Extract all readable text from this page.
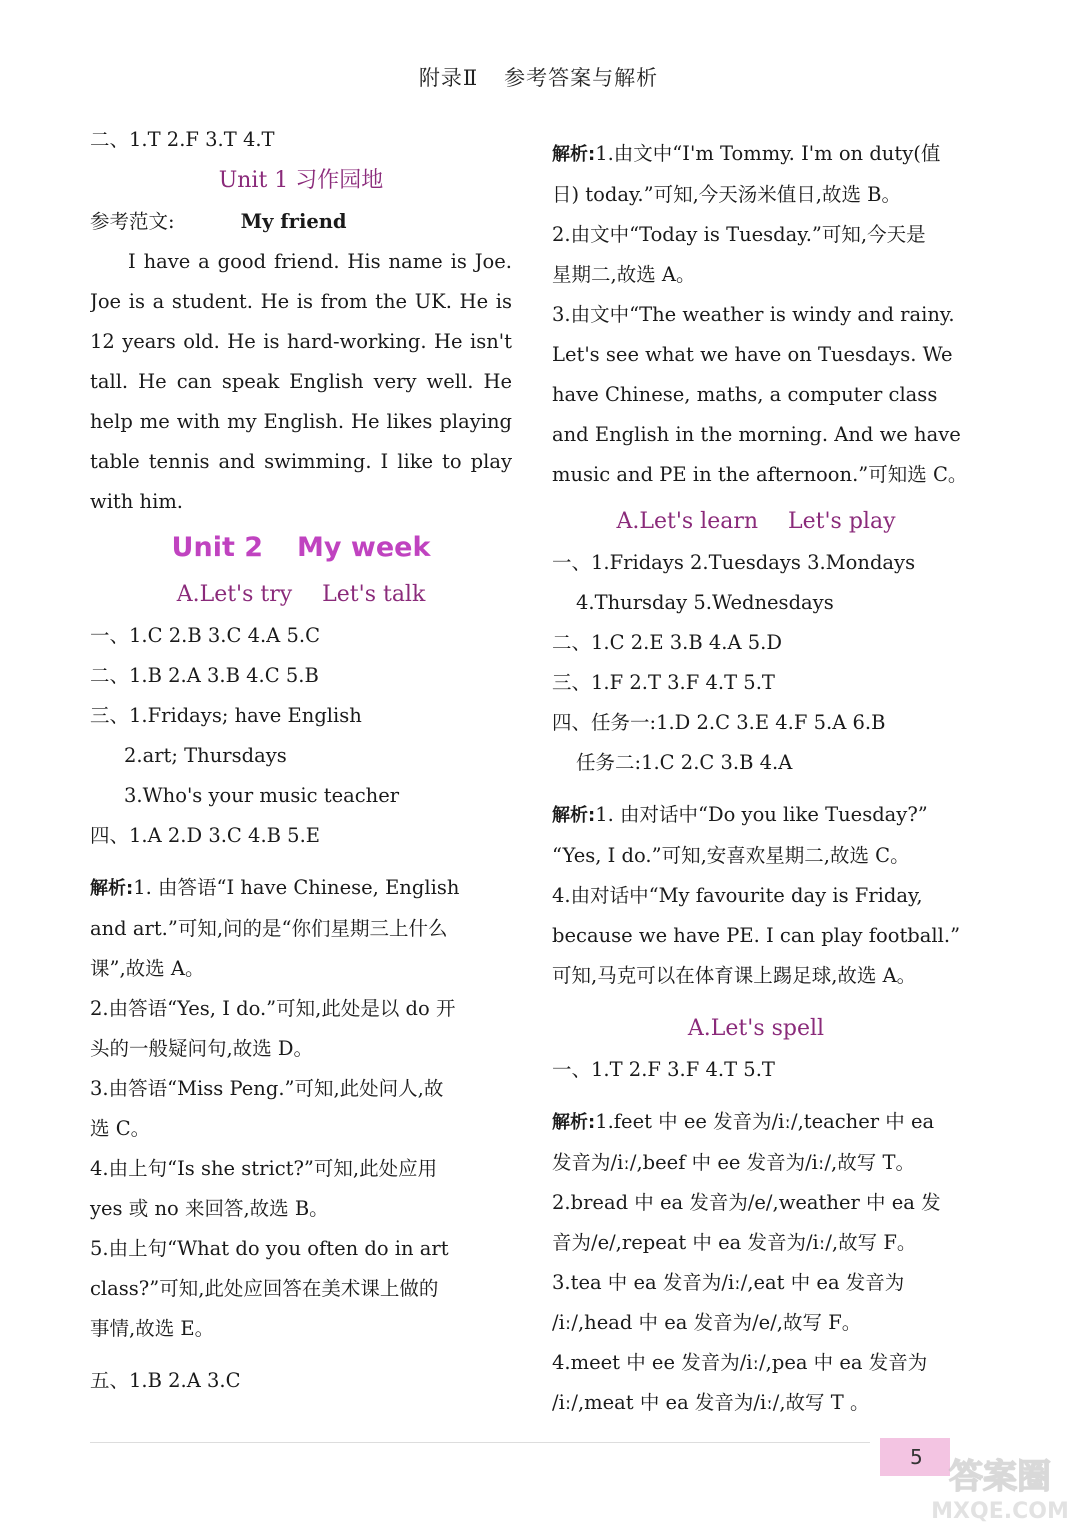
附录Ⅱ 参考答案与解析
二、1.T 2.F 3.T 4.T
Unit 1 习作园地
参考范文:	My friend
I have a good friend. His name is Joe.
Joe is a student. He is from the UK. He is
12 years old. He is hard-working. He isn't
tall. He can speak English very well. He
help me with my English. He likes playing
table tennis and swimming. I like to play
with him.
Unit 2 My week
A.Let's try Let's talk
一、1.C 2.B 3.C 4.A 5.C
二、1.B 2.A 3.B 4.C 5.B
三、1.Fridays; have English
2.art; Thursdays
3.Who's your music teacher
四、1.A 2.D 3.C 4.B 5.E
解析:1. 由答语“I have Chinese, English
and art.”可知,问的是“你们星期三上什么
课”,故选 A。
2.由答语“Yes, I do.”可知,此处是以 do 开
头的一般疑问句,故选 D。
3.由答语“Miss Peng.”可知,此处问人,故
选 C。
4.由上句“Is she strict?”可知,此处应用
yes 或 no 来回答,故选 B。
5.由上句“What do you often do in art
class?”可知,此处应回答在美术课上做的
事情,故选 E。
五、1.B 2.A 3.C
解析:1.由文中“I'm Tommy. I'm on duty(值
日) today.”可知,今天汤米值日,故选 B。
2.由文中“Today is Tuesday.”可知,今天是
星期二,故选 A。
3.由文中“The weather is windy and rainy.
Let's see what we have on Tuesdays. We
have Chinese, maths, a computer class
and English in the morning. And we have
music and PE in the afternoon.”可知选 C。
A.Let's learn Let's play
一、1.Fridays 2.Tuesdays 3.Mondays
4.Thursday 5.Wednesdays
二、1.C 2.E 3.B 4.A 5.D
三、1.F 2.T 3.F 4.T 5.T
四、任务一:1.D 2.C 3.E 4.F 5.A 6.B
任务二:1.C 2.C 3.B 4.A
解析:1. 由对话中“Do you like Tuesday?”
“Yes, I do.”可知,安喜欢星期二,故选 C。
4.由对话中“My favourite day is Friday,
because we have PE. I can play football.”
可知,马克可以在体育课上踢足球,故选 A。
A.Let's spell
一、1.T 2.F 3.F 4.T 5.T
解析:1.feet 中 ee 发音为/iː/,teacher 中 ea
发音为/iː/,beef 中 ee 发音为/iː/,故写 T。
2.bread 中 ea 发音为/e/,weather 中 ea 发
音为/e/,repeat 中 ea 发音为/iː/,故写 F。
3.tea 中 ea 发音为/iː/,eat 中 ea 发音为
/iː/,head 中 ea 发音为/e/,故写 F。
4.meet 中 ee 发音为/iː/,pea 中 ea 发音为
/iː/,meat 中 ea 发音为/iː/,故写 T 。
5 答案圈
MXQE.COM
